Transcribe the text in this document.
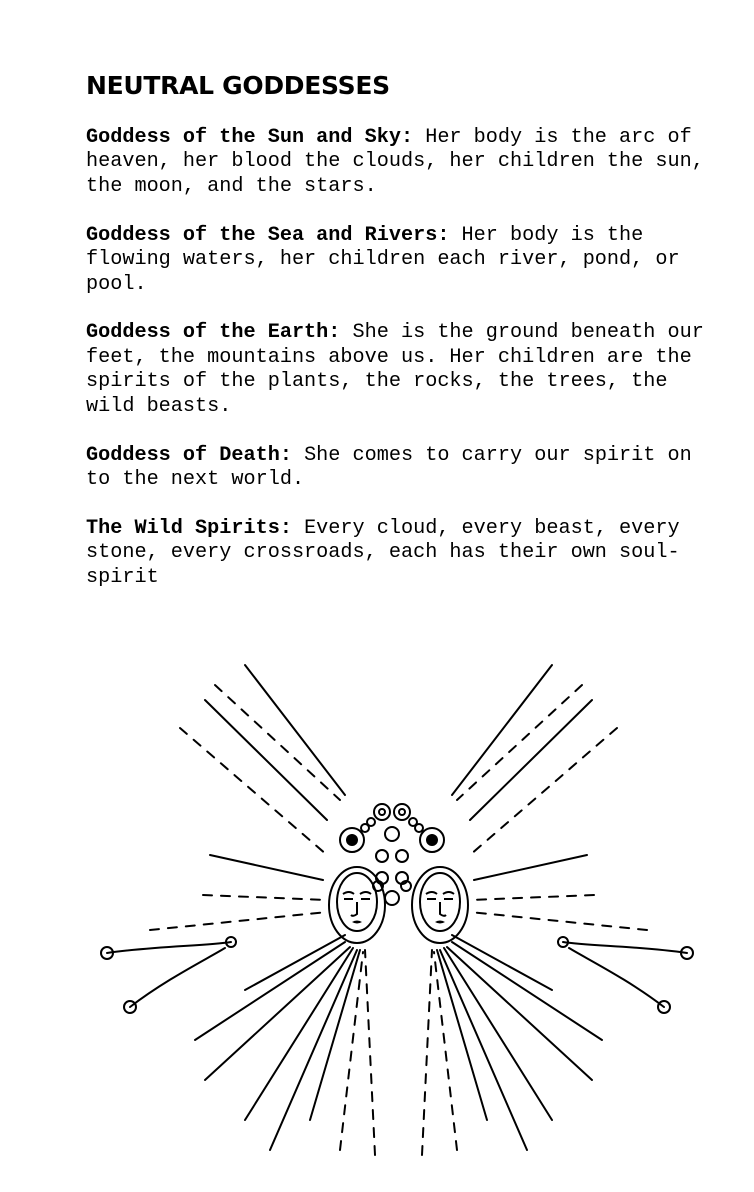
NEUTRAL GODDESSES

Goddess of the Sun and Sky: Her body is the arc of heaven, her blood the clouds, her children the sun, the moon, and the stars.

Goddess of the Sea and Rivers: Her body is the flowing waters, her children each river, pond, or pool.

Goddess of the Earth: She is the ground beneath our feet, the mountains above us. Her children are the spirits of the plants, the rocks, the trees, the wild beasts.

Goddess of Death: She comes to carry our spirit on to the next world.

The Wild Spirits: Every cloud, every beast, every stone, every crossroads, each has their own soul-spirit
